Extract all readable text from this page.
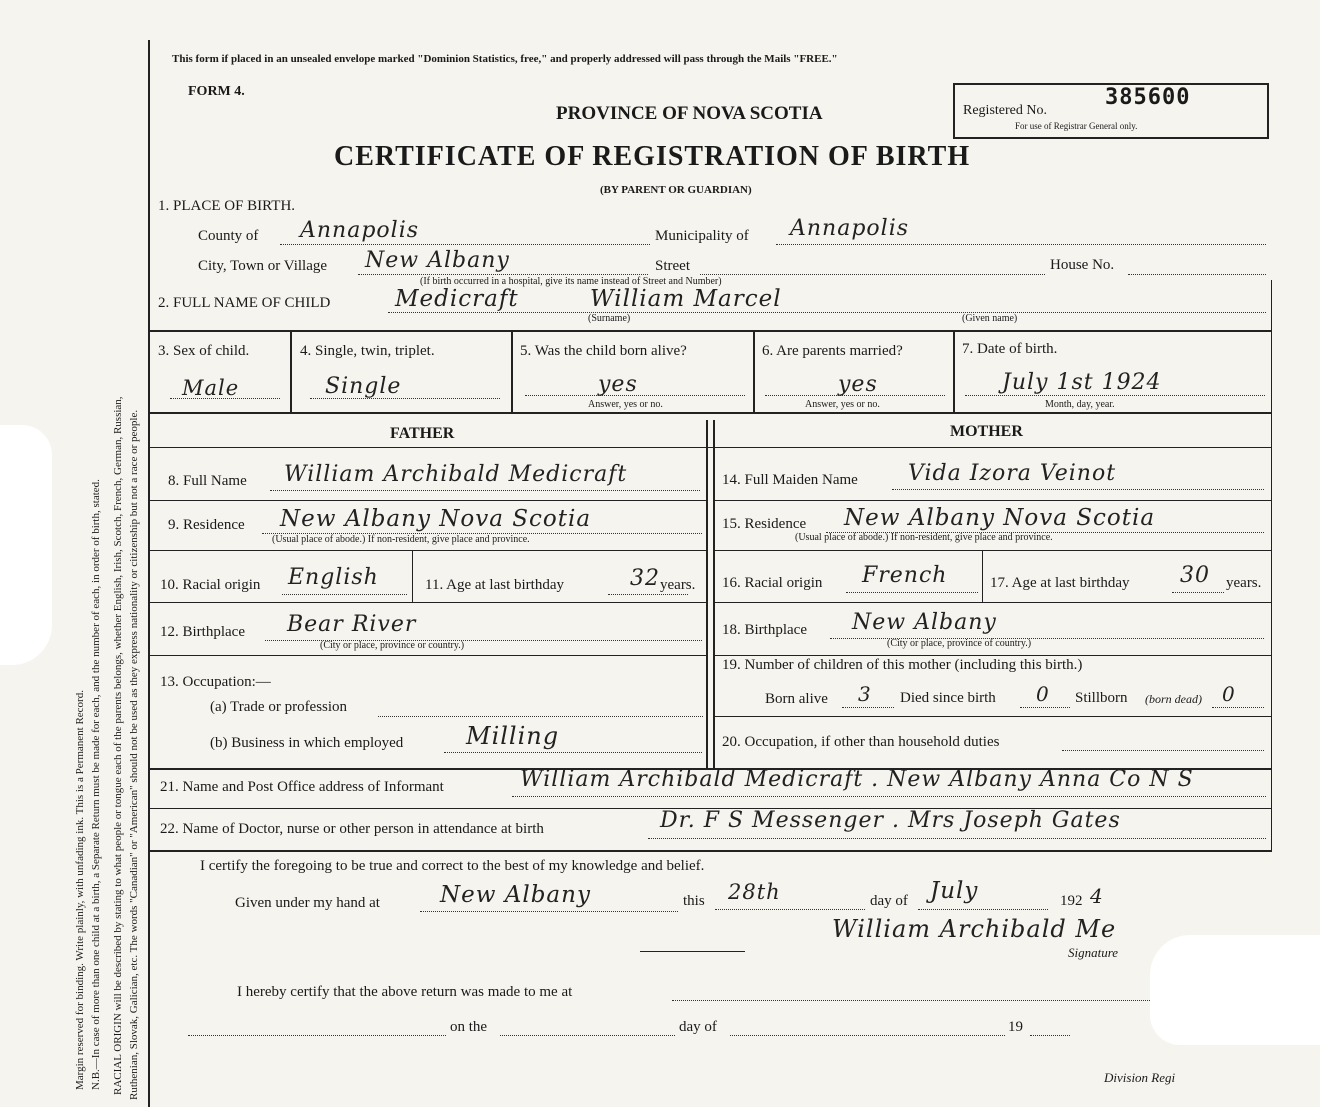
Margin reserved for binding. Write plainly, with unfading ink. This is a Permanent Record. N.B.—In case of more than one child at a birth, a Separate Return must be made for each, and the number of each, in order of birth, stated. RACIAL ORIGIN will be described by stating to what people or tongue each of the parents belongs, whether English, Irish, Scotch, French, German, Russian, Ruthenian, Slovak, Galician, etc. The words "Canadian" or "American" should not be used as they express nationality or citizenship but not a race or people.
This form if placed in an unsealed envelope marked "Dominion Statistics, free," and properly addressed will pass through the Mails "FREE."
FORM 4.
PROVINCE OF NOVA SCOTIA	Registered No.
385600
For use of Registrar General only.
CERTIFICATE OF REGISTRATION OF BIRTH
(BY PARENT OR GUARDIAN)
1. PLACE OF BIRTH.
County of Annapolis	Municipality of Annapolis
City, Town or Village New Albany	Street	House No.
(If birth occurred in a hospital, give its name instead of Street and Number)
2. FULL NAME OF CHILD	Medicraft	William Marcel
(Surname)	(Given name)
3. Sex of child.
Male
4. Single, twin, triplet.
Single
5. Was the child born alive?
yes
Answer, yes or no.
6. Are parents married?
yes
Answer, yes or no.
7. Date of birth.
July 1st 1924
Month, day, year.
FATHER	MOTHER
8. Full Name William Archibald Medicraft
9. Residence New Albany Nova Scotia
(Usual place of abode.) If non-resident, give place and province.
10. Racial origin English	11. Age at last birthday	32 years.
12. Birthplace Bear River
(City or place, province or country.)
13. Occupation:—
(a) Trade or profession
(b) Business in which employed	Milling
14. Full Maiden Name Vida Izora Veinot
15. Residence New Albany Nova Scotia
(Usual place of abode.) If non-resident, give place and province.
16. Racial origin French	17. Age at last birthday 30 years.
18. Birthplace New Albany
(City or place, province of country.)
19. Number of children of this mother (including this birth.)
Born alive 3 Died since birth 0 Stillborn (born dead) 0
20. Occupation, if other than household duties
21. Name and Post Office address of Informant	William Archibald Medicraft . New Albany Anna Co N S
22. Name of Doctor, nurse or other person in attendance at birth	Dr. F S Messenger . Mrs Joseph Gates
I certify the foregoing to be true and correct to the best of my knowledge and belief.
Given under my hand at	New Albany	this 28th	day of July	192 4
William Archibald Me
Signature
I hereby certify that the above return was made to me at
on the	day of	19
Division Regi
